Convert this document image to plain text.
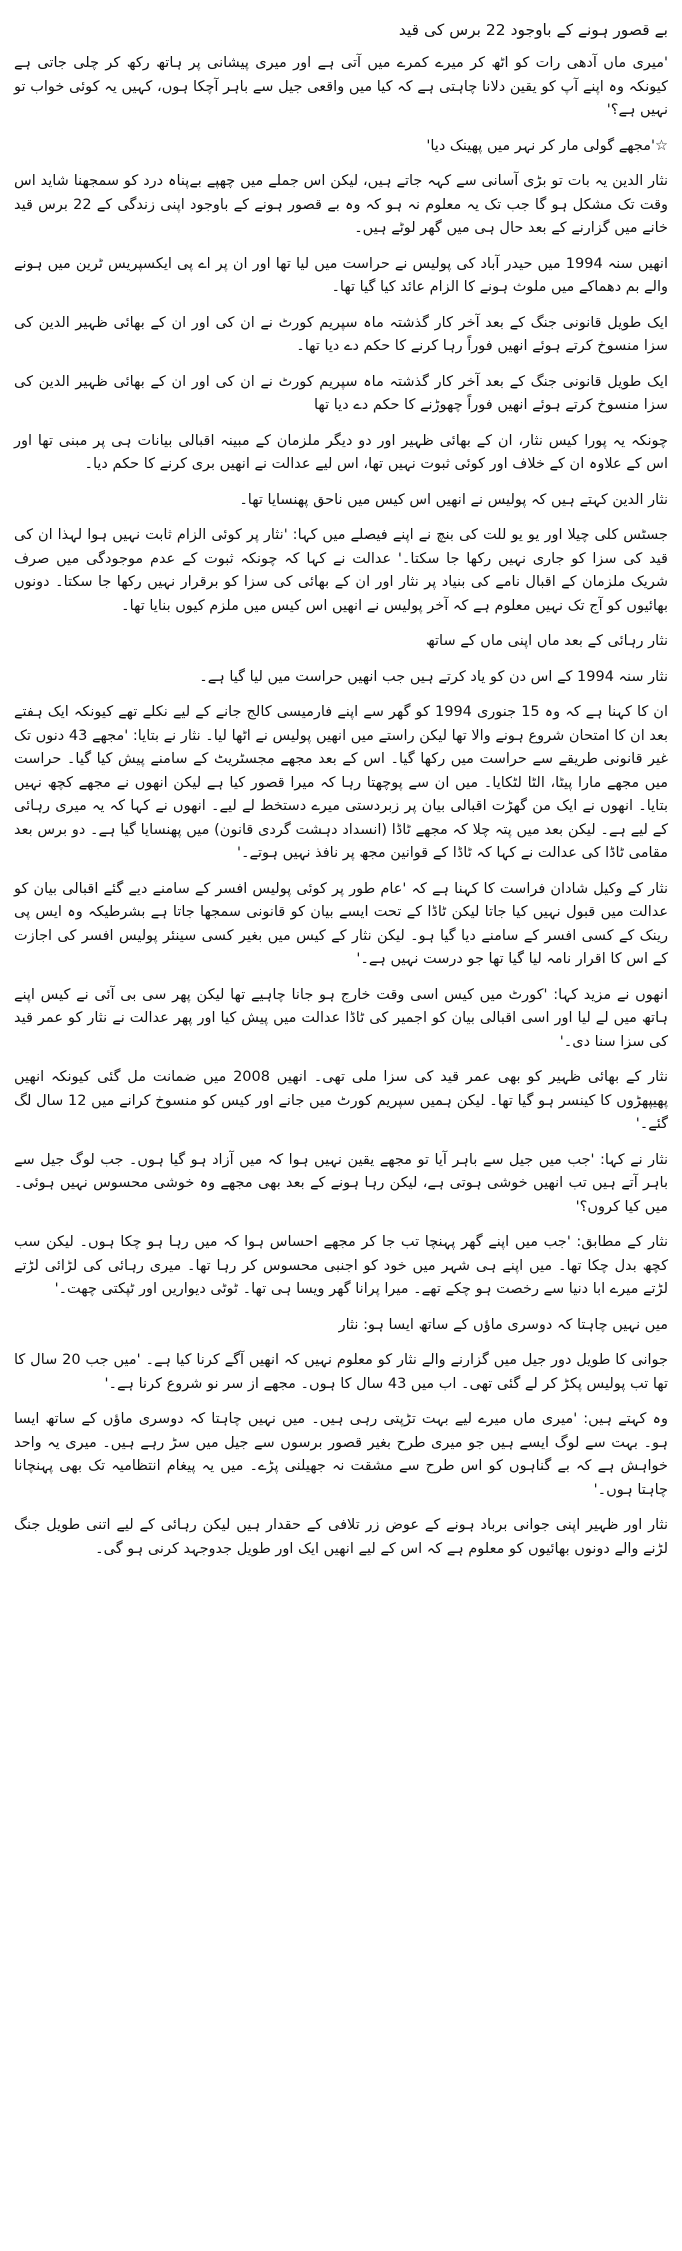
بے قصور ہونے کے باوجود 22 برس کی قید

'میری ماں آدھی رات کو اٹھ کر میرے کمرے میں آتی ہے اور میری پیشانی پر ہاتھ رکھ کر چلی جاتی ہے کیونکہ وہ اپنے آپ کو یقین دلانا چاہتی ہے کہ کیا میں واقعی جیل سے باہر آچکا ہوں، کہیں یہ کوئی خواب تو نہیں ہے؟'

☆'مجھے گولی مار کر نہر میں پھینک دیا'

نثار الدین یہ بات تو بڑی آسانی سے کہہ جاتے ہیں، لیکن اس جملے میں چھپے بےپناہ درد کو سمجھنا شاید اس وقت تک مشکل ہو گا جب تک یہ معلوم نہ ہو کہ وہ بے قصور ہونے کے باوجود اپنی زندگی کے 22 برس قید خانے میں گزارنے کے بعد حال ہی میں گھر لوٹے ہیں۔

انھیں سنہ 1994 میں حیدر آباد کی پولیس نے حراست میں لیا تھا اور ان پر اے پی ایکسپریس ٹرین میں ہونے والے بم دھماکے میں ملوث ہونے کا الزام عائد کیا گیا تھا۔

ایک طویل قانونی جنگ کے بعد آخر کار گذشتہ ماہ سپریم کورٹ نے ان کی اور ان کے بھائی ظہیر الدین کی سزا منسوخ کرتے ہوئے انھیں فوراً رہا کرنے کا حکم دے دیا تھا۔

ایک طویل قانونی جنگ کے بعد آخر کار گذشتہ ماہ سپریم کورٹ نے ان کی اور ان کے بھائی ظہیر الدین کی سزا منسوخ کرتے ہوئے انھیں فوراً چھوڑنے کا حکم دے دیا تھا

چونکہ یہ پورا کیس نثار، ان کے بھائی ظہیر اور دو دیگر ملزمان کے مبینہ اقبالی بیانات ہی پر مبنی تھا اور اس کے علاوہ ان کے خلاف اور کوئی ثبوت نہیں تھا، اس لیے عدالت نے انھیں بری کرنے کا حکم دیا۔

نثار الدین کہتے ہیں کہ پولیس نے انھیں اس کیس میں ناحق پھنسایا تھا۔

جسٹس کلی چیلا اور یو یو للت کی بنچ نے اپنے فیصلے میں کہا: 'نثار پر کوئی الزام ثابت نہیں ہوا لہذا ان کی قید کی سزا کو جاری نہیں رکھا جا سکتا۔' عدالت نے کہا کہ چونکہ ثبوت کے عدم موجودگی میں صرف شریک ملزمان کے اقبال نامے کی بنیاد پر نثار اور ان کے بھائی کی سزا کو برقرار نہیں رکھا جا سکتا۔ دونوں بھائیوں کو آج تک نہیں معلوم ہے کہ آخر پولیس نے انھیں اس کیس میں ملزم کیوں بنایا تھا۔

نثار رہائی کے بعد ماں اپنی ماں کے ساتھ

نثار سنہ 1994 کے اس دن کو یاد کرتے ہیں جب انھیں حراست میں لیا گیا ہے۔

ان کا کہنا ہے کہ وہ 15 جنوری 1994 کو گھر سے اپنے فارمیسی کالج جانے کے لیے نکلے تھے کیونکہ ایک ہفتے بعد ان کا امتحان شروع ہونے والا تھا لیکن راستے میں انھیں پولیس نے اٹھا لیا۔ نثار نے بتایا: 'مجھے 43 دنوں تک غیر قانونی طریقے سے حراست میں رکھا گیا۔ اس کے بعد مجھے مجسٹریٹ کے سامنے پیش کیا گیا۔ حراست میں مجھے مارا پیٹا، الٹا لٹکایا۔ میں ان سے پوچھتا رہا کہ میرا قصور کیا ہے لیکن انھوں نے مجھے کچھ نہیں بتایا۔ انھوں نے ایک من گھڑت اقبالی بیان پر زبردستی میرے دستخط لے لیے۔ انھوں نے کہا کہ یہ میری رہائی کے لیے ہے۔ لیکن بعد میں پتہ چلا کہ مجھے ٹاڈا (انسداد دہشت گردی قانون) میں پھنسایا گیا ہے۔ دو برس بعد مقامی ٹاڈا کی عدالت نے کہا کہ ٹاڈا کے قوانین مجھ پر نافذ نہیں ہوتے۔'

نثار کے وکیل شادان فراست کا کہنا ہے کہ 'عام طور پر کوئی پولیس افسر کے سامنے دیے گئے اقبالی بیان کو عدالت میں قبول نہیں کیا جاتا لیکن ٹاڈا کے تحت ایسے بیان کو قانونی سمجھا جاتا ہے بشرطیکہ وہ ایس پی رینک کے کسی افسر کے سامنے دیا گیا ہو۔ لیکن نثار کے کیس میں بغیر کسی سینئر پولیس افسر کی اجازت کے اس کا اقرار نامہ لیا گیا تھا جو درست نہیں ہے۔'

انھوں نے مزید کہا: 'کورٹ میں کیس اسی وقت خارج ہو جانا چاہیے تھا لیکن پھر سی بی آئی نے کیس اپنے ہاتھ میں لے لیا اور اسی اقبالی بیان کو اجمیر کی ٹاڈا عدالت میں پیش کیا اور پھر عدالت نے نثار کو عمر قید کی سزا سنا دی۔'

نثار کے بھائی ظہیر کو بھی عمر قید کی سزا ملی تھی۔ انھیں 2008 میں ضمانت مل گئی کیونکہ انھیں پھیپھڑوں کا کینسر ہو گیا تھا۔ لیکن ہمیں سپریم کورٹ میں جانے اور کیس کو منسوخ کرانے میں 12 سال لگ گئے۔'

نثار نے کہا: 'جب میں جیل سے باہر آیا تو مجھے یقین نہیں ہوا کہ میں آزاد ہو گیا ہوں۔ جب لوگ جیل سے باہر آتے ہیں تب انھیں خوشی ہوتی ہے، لیکن رہا ہونے کے بعد بھی مجھے وہ خوشی محسوس نہیں ہوئی۔ میں کیا کروں؟'

نثار کے مطابق: 'جب میں اپنے گھر پہنچا تب جا کر مجھے احساس ہوا کہ میں رہا ہو چکا ہوں۔ لیکن سب کچھ بدل چکا تھا۔ میں اپنے ہی شہر میں خود کو اجنبی محسوس کر رہا تھا۔ میری رہائی کی لڑائی لڑتے لڑتے میرے ابا دنیا سے رخصت ہو چکے تھے۔ میرا پرانا گھر ویسا ہی تھا۔ ٹوٹی دیواریں اور ٹپکتی چھت۔'

میں نہیں چاہتا کہ دوسری ماؤں کے ساتھ ایسا ہو: نثار

جوانی کا طویل دور جیل میں گزارنے والے نثار کو معلوم نہیں کہ انھیں آگے کرنا کیا ہے۔ 'میں جب 20 سال کا تھا تب پولیس پکڑ کر لے گئی تھی۔ اب میں 43 سال کا ہوں۔ مجھے از سر نو شروع کرنا ہے۔'

وہ کہتے ہیں: 'میری ماں میرے لیے بہت تڑپتی رہی ہیں۔ میں نہیں چاہتا کہ دوسری ماؤں کے ساتھ ایسا ہو۔ بہت سے لوگ ایسے ہیں جو میری طرح بغیر قصور برسوں سے جیل میں سڑ رہے ہیں۔ میری یہ واحد خواہش ہے کہ بے گناہوں کو اس طرح سے مشقت نہ جھیلنی پڑے۔ میں یہ پیغام انتظامیہ تک بھی پہنچانا چاہتا ہوں۔'

نثار اور ظہیر اپنی جوانی برباد ہونے کے عوض زر تلافی کے حقدار ہیں لیکن رہائی کے لیے اتنی طویل جنگ لڑنے والے دونوں بھائیوں کو معلوم ہے کہ اس کے لیے انھیں ایک اور طویل جدوجہد کرنی ہو گی۔
